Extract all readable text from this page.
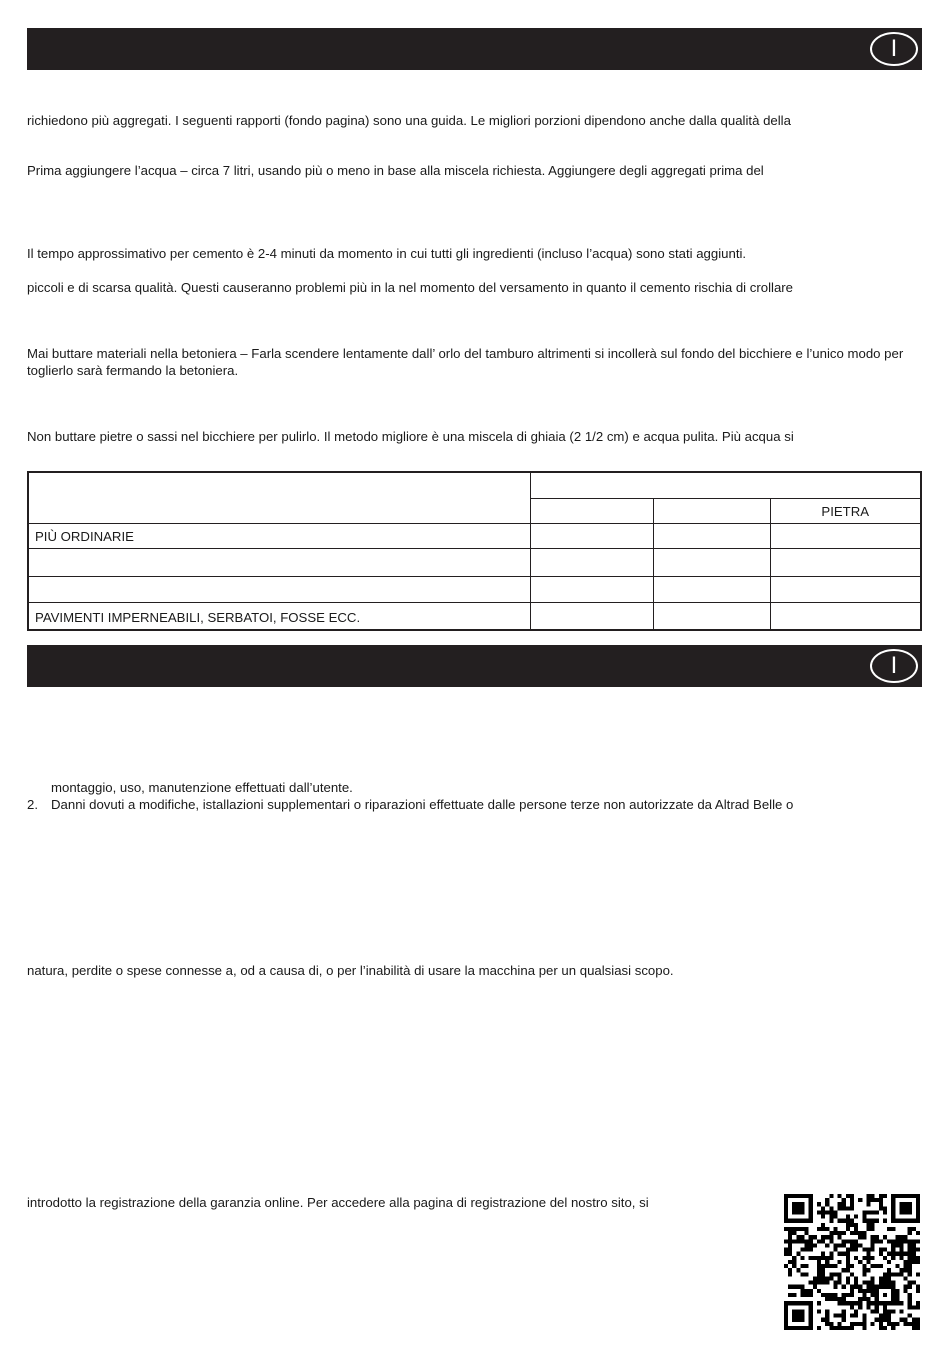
I
richiedono più aggregati. I seguenti rapporti (fondo pagina) sono una guida. Le migliori porzioni dipendono anche dalla qualità della
Prima aggiungere l’acqua – circa 7 litri, usando più o meno in base alla miscela richiesta. Aggiungere degli aggregati prima del
Il tempo approssimativo per cemento è 2-4 minuti da momento in cui tutti gli ingredienti (incluso l’acqua) sono stati aggiunti.
piccoli e di scarsa qualità. Questi causeranno problemi più in la nel momento del versamento in quanto il cemento rischia di crollare
Mai buttare materiali nella betoniera – Farla scendere lentamente dall’ orlo del tamburo altrimenti si incollerà sul fondo del bicchiere e l’unico modo per toglierlo sarà fermando la betoniera.
Non buttare pietre o sassi nel bicchiere per pulirlo. Il metodo migliore è una miscela di ghiaia (2 1/2 cm) e acqua pulita. Più acqua si

			PIETRA
PIÙ ORDINARIE			

PAVIMENTI IMPERNEABILI, SERBATOI, FOSSE ECC.			
I
montaggio, uso, manutenzione effettuati dall’utente.
2. Danni dovuti a modifiche, istallazioni supplementari o riparazioni effettuate dalle persone terze non autorizzate da Altrad Belle o
natura, perdite o spese connesse a, od a causa di, o per l’inabilità di usare la macchina per un qualsiasi scopo.
introdotto la registrazione della garanzia online. Per accedere alla pagina di registrazione del nostro sito, si
